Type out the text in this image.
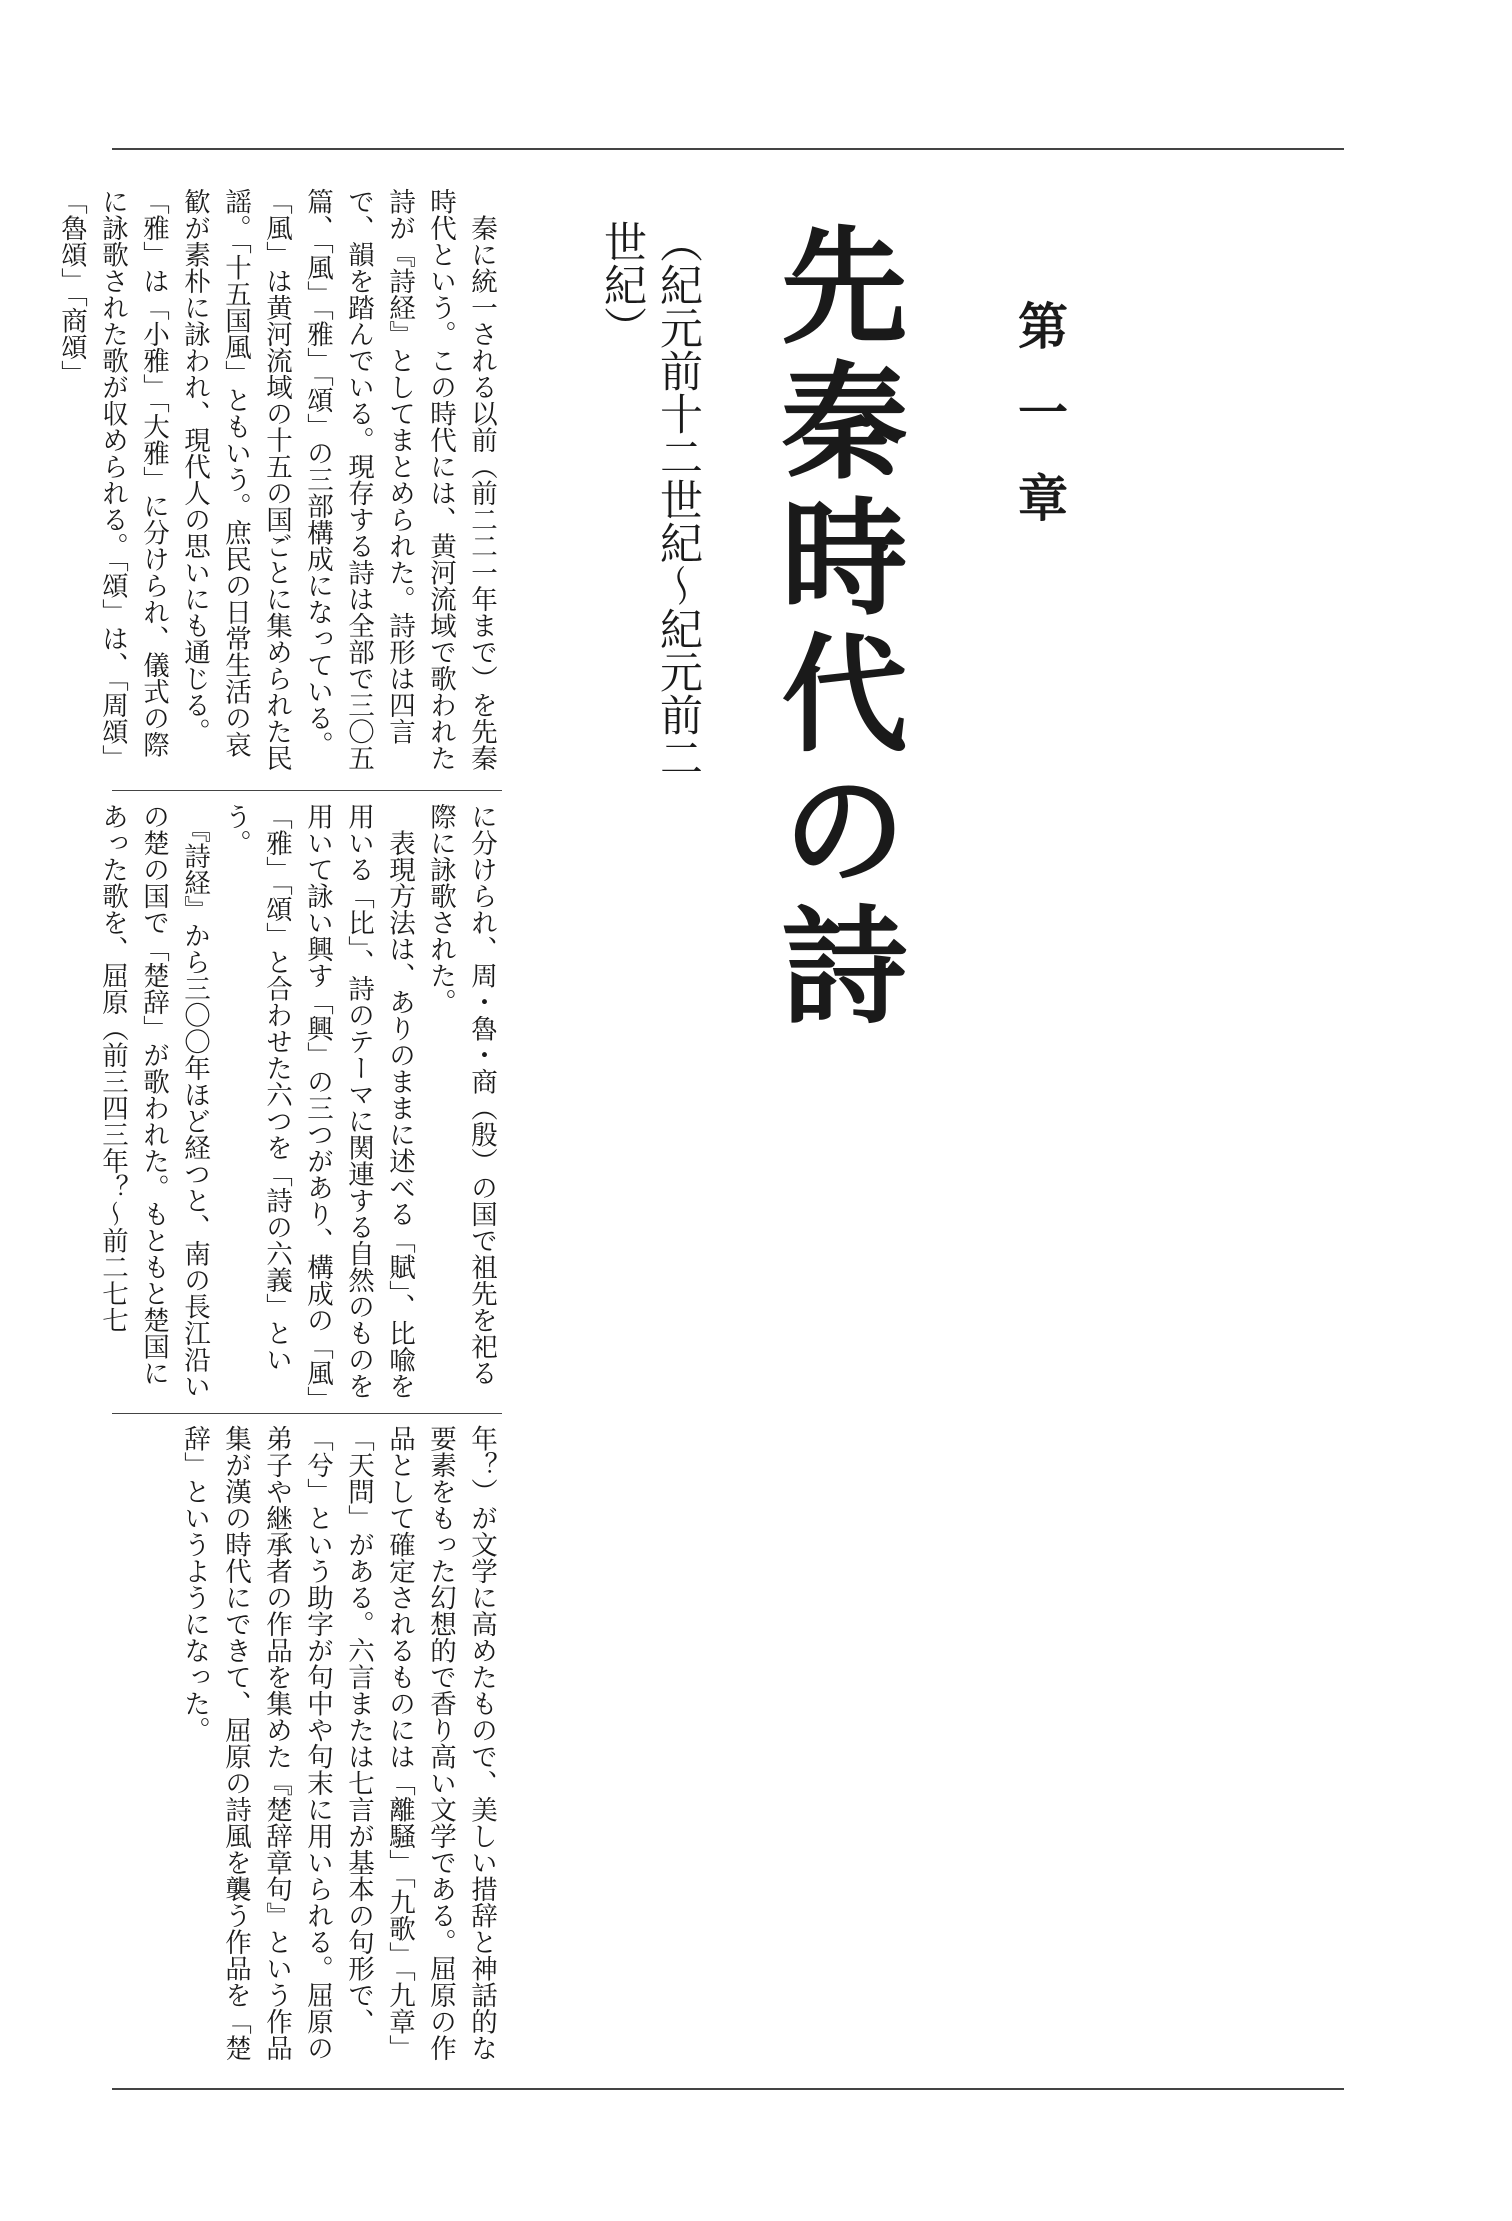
第一章
先秦時代の詩
（紀元前十二世紀〜紀元前二世紀）

　秦に統一される以前（前二二一年まで）を先秦時代という。この時代には、黄河流域で歌われた詩が『詩経』としてまとめられた。詩形は四言で、韻を踏んでいる。現存する詩は全部で三〇五篇、「風」「雅」「頌」の三部構成になっている。「風」は黄河流域の十五の国ごとに集められた民謡。「十五国風」ともいう。庶民の日常生活の哀歓が素朴に詠われ、現代人の思いにも通じる。「雅」は「小雅」「大雅」に分けられ、儀式の際に詠歌された歌が収められる。「頌」は、「周頌」「魯頌」「商頌」

に分けられ、周・魯・商（殷）の国で祖先を祀る際に詠歌された。

　表現方法は、ありのままに述べる「賦」、比喩を用いる「比」、詩のテーマに関連する自然のものを用いて詠い興す「興」の三つがあり、構成の「風」「雅」「頌」と合わせた六つを「詩の六義」という。

　『詩経』から三〇〇年ほど経つと、南の長江沿いの楚の国で「楚辞」が歌われた。もともと楚国にあった歌を、屈原（前三四三年？〜前二七七

年？）が文学に高めたもので、美しい措辞と神話的な要素をもった幻想的で香り高い文学である。屈原の作品として確定されるものには「離騒」「九歌」「九章」「天問」がある。六言または七言が基本の句形で、「兮」という助字が句中や句末に用いられる。屈原の弟子や継承者の作品を集めた『楚辞章句』という作品集が漢の時代にできて、屈原の詩風を襲う作品を「楚辞」というようになった。
